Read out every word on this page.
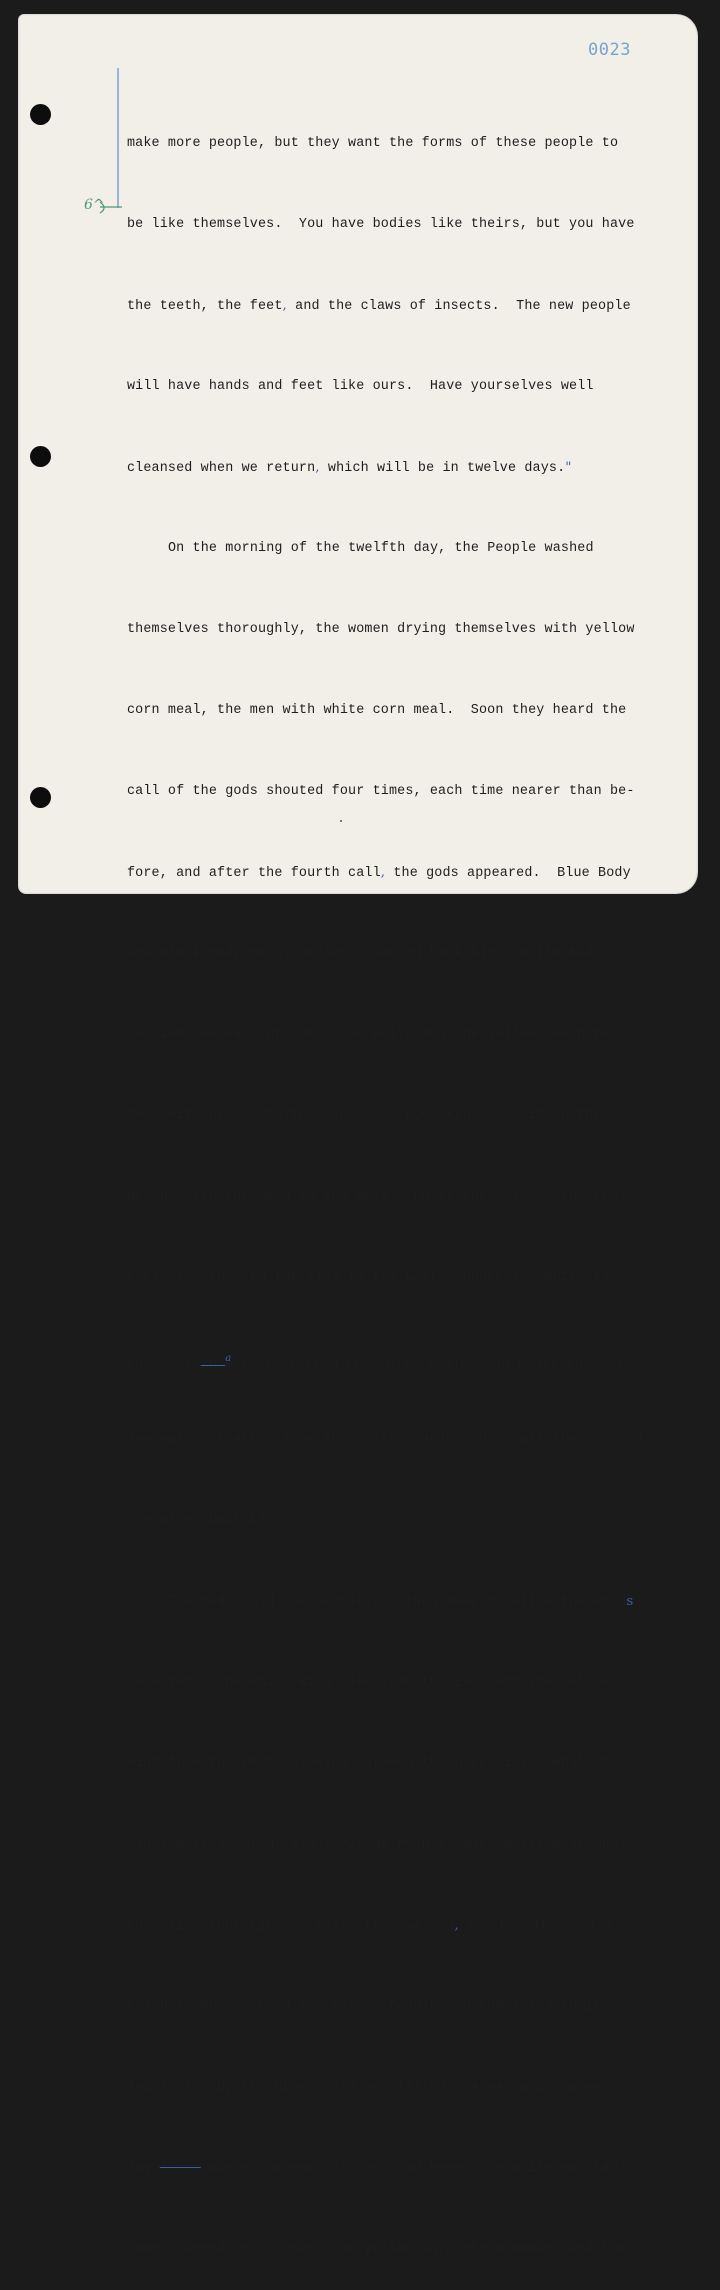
0023
6^

make more people, but they want the forms of these people to

be like themselves.  You have bodies like theirs, but you have

the teeth, the feet, and the claws of insects.  The new people

will have hands and feet like ours.  Have yourselves well

cleansed when we return, which will be in twelve days."

On the morning of the twelfth day, the People washed

themselves thoroughly, the women drying themselves with yellow

corn meal, the men with white corn meal.  Soon they heard the

call of the gods shouted four times, each time nearer than be-

fore, and after the fourth call, the gods appeared.  Blue Body

and Black Body each carried a sacred buckskin.  White Body

carried two ears of corn, one white and one yellow, each per-

fect with grains to the tip.  One buckskin was laid on the

ground with the head to the West.  On it they placed the two

ears of corn with the tips to the East.  Under the white ear

they put the$^a$ feather from the white eagle, and under the yel-

low ear, a feather from the yellow eagle.  Over all they spread

the other buckskin.

The gods told the People to stand away to allow the Winds

to enter.  The White Wind blew from the East and the Yellow

Wind from the West, blowing between the buckskins.  While the

Winds were blowing, eight Mirage People came, walking around

the skins four times.  While they walked, the People saw the

feathers move.  When the Mirage People had completed their

fourth round, the upper skin was lifted.  A man and a woman

lay there where the ears of corn had been; the white ear had

been changed into a man, the yellow ear into a woman, and the
